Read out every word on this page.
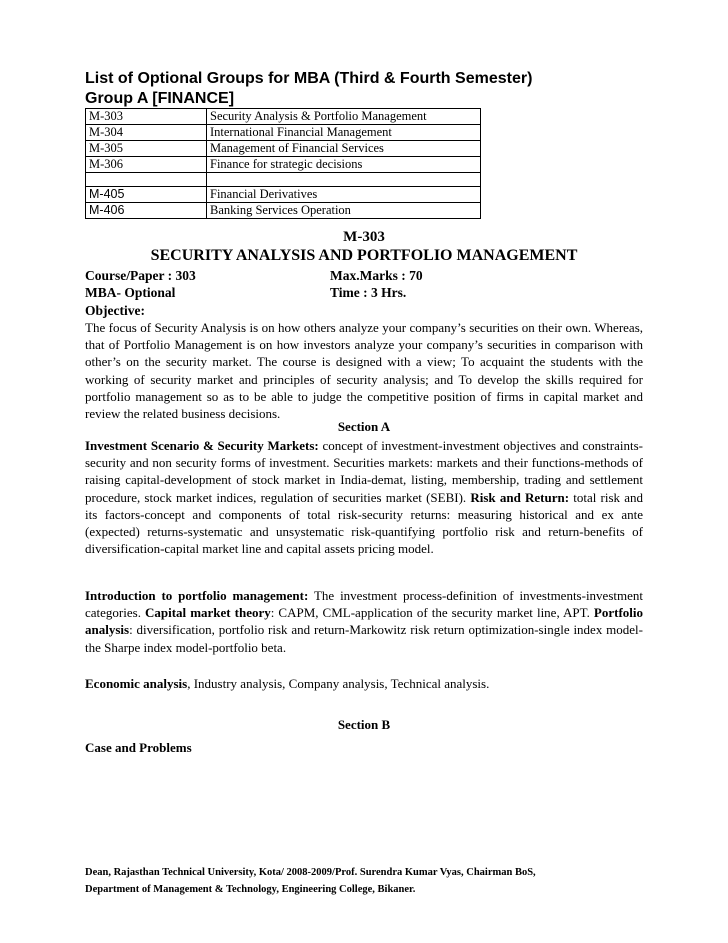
List of Optional Groups for MBA (Third & Fourth Semester)
Group A [FINANCE]
M-303	Security Analysis & Portfolio Management
M-304	International Financial Management
M-305	Management of Financial Services
M-306	Finance for strategic decisions

M-405	Financial Derivatives
M-406	Banking Services Operation
M-303
SECURITY ANALYSIS AND PORTFOLIO MANAGEMENT
Course/Paper : 303	Max.Marks : 70
MBA- Optional	Time : 3 Hrs.
Objective:
The focus of Security Analysis is on how others analyze your company’s securities on their own. Whereas, that of Portfolio Management is on how investors analyze your company’s securities in comparison with other’s on the security market. The course is designed with a view; To acquaint the students with the working of security market and principles of security analysis; and To develop the skills required for portfolio management so as to be able to judge the competitive position of firms in capital market and review the related business decisions.
Section A
Investment Scenario & Security Markets: concept of investment-investment objectives and constraints-security and non security forms of investment. Securities markets: markets and their functions-methods of raising capital-development of stock market in India-demat, listing, membership, trading and settlement procedure, stock market indices, regulation of securities market (SEBI). Risk and Return: total risk and its factors-concept and components of total risk-security returns: measuring historical and ex ante (expected) returns-systematic and unsystematic risk-quantifying portfolio risk and return-benefits of diversification-capital market line and capital assets pricing model.
Introduction to portfolio management: The investment process-definition of investments-investment categories. Capital market theory: CAPM, CML-application of the security market line, APT. Portfolio analysis: diversification, portfolio risk and return-Markowitz risk return optimization-single index model-the Sharpe index model-portfolio beta.
Economic analysis, Industry analysis, Company analysis, Technical analysis.
Section B
Case and Problems
Dean, Rajasthan Technical University, Kota/ 2008-2009/Prof. Surendra Kumar Vyas, Chairman BoS,
Department of Management & Technology, Engineering College, Bikaner.
